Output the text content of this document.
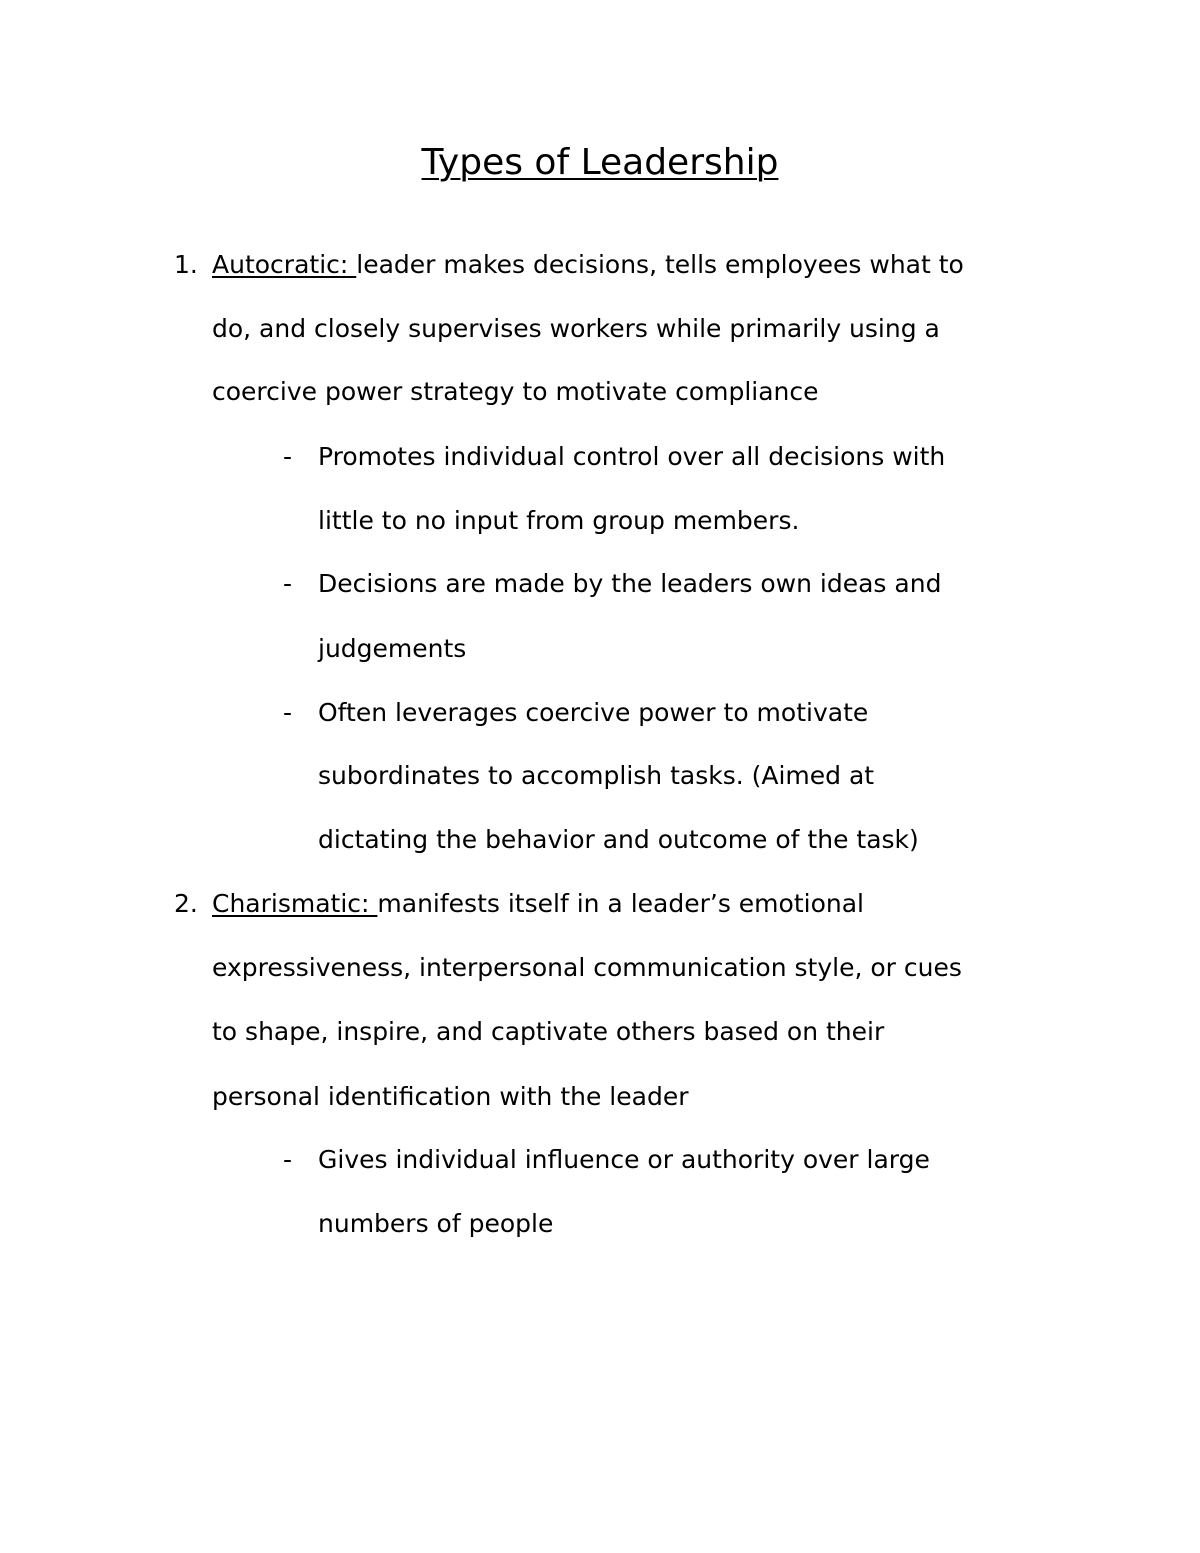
Types of Leadership
1. Autocratic: leader makes decisions, tells employees what to
do, and closely supervises workers while primarily using a
coercive power strategy to motivate compliance
- Promotes individual control over all decisions with
little to no input from group members.
- Decisions are made by the leaders own ideas and
judgements
- Often leverages coercive power to motivate
subordinates to accomplish tasks. (Aimed at
dictating the behavior and outcome of the task)
2. Charismatic: manifests itself in a leader’s emotional
expressiveness, interpersonal communication style, or cues
to shape, inspire, and captivate others based on their
personal identification with the leader
- Gives individual influence or authority over large
numbers of people
